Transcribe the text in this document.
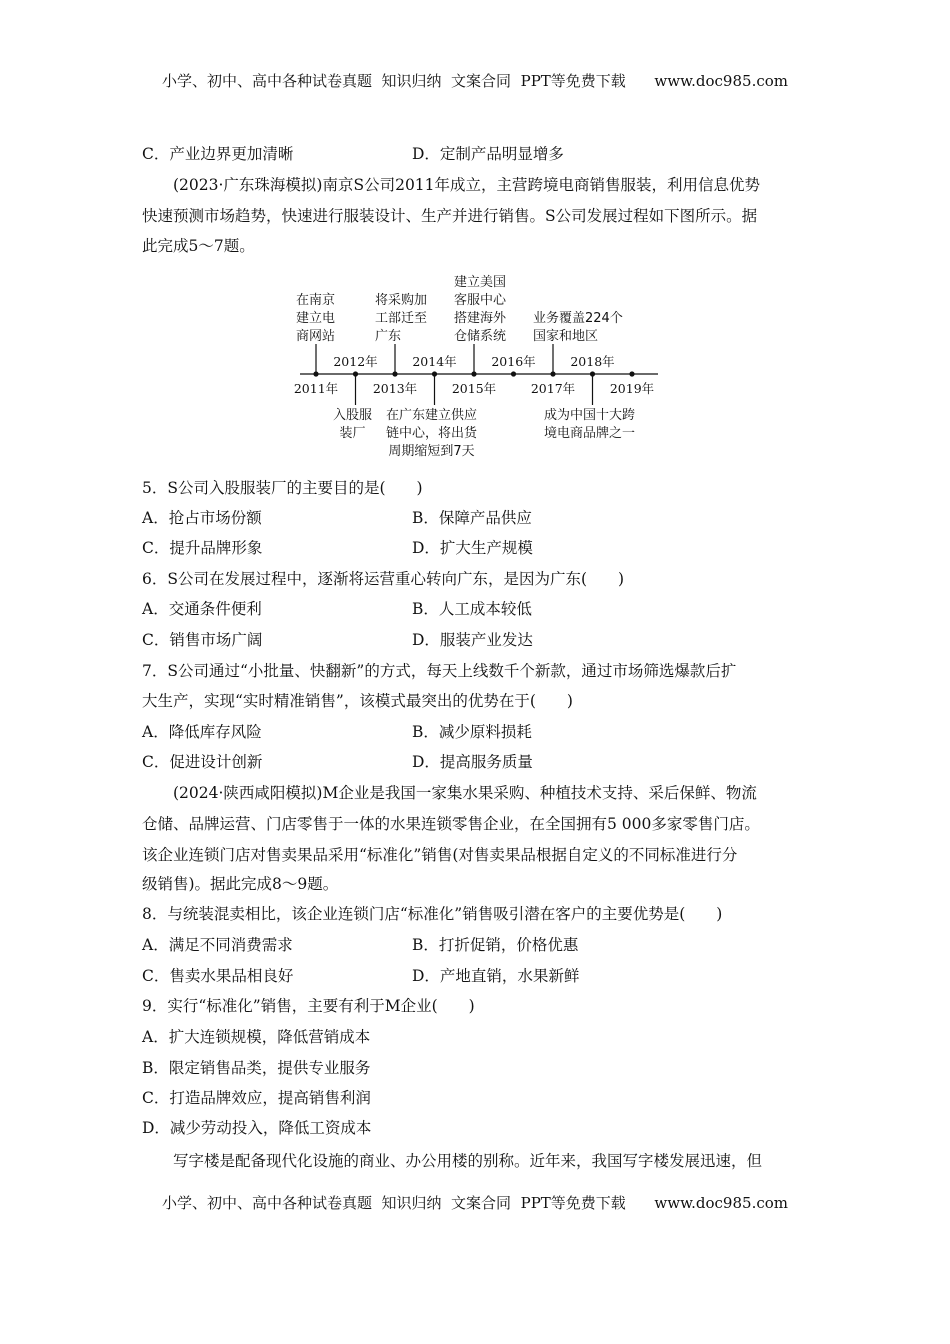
小学、初中、高中各种试卷真题  知识归纳  文案合同  PPT等免费下载      www.doc985.com
C．产业边界更加清晰	D．定制产品明显增多
(2023·广东珠海模拟)南京S公司2011年成立，主营跨境电商销售服装，利用信息优势
快速预测市场趋势，快速进行服装设计、生产并进行销售。S公司发展过程如下图所示。据
此完成5～7题。
2011年
2012年
2013年
2014年
2015年
2016年
2017年
2018年
2019年
在南京
建立电
商网站
将采购加
工部迁至
广东
建立美国
客服中心
搭建海外
仓储系统
业务覆盖224个
国家和地区
入股服
装厂
在广东建立供应
链中心，将出货
周期缩短到7天
成为中国十大跨
境电商品牌之一
5．S公司入股服装厂的主要目的是(　　)
A．抢占市场份额	B．保障产品供应
C．提升品牌形象	D．扩大生产规模
6．S公司在发展过程中，逐渐将运营重心转向广东，是因为广东(　　)
A．交通条件便利	B．人工成本较低
C．销售市场广阔	D．服装产业发达
7．S公司通过“小批量、快翻新”的方式，每天上线数千个新款，通过市场筛选爆款后扩
大生产，实现“实时精准销售”，该模式最突出的优势在于(　　)
A．降低库存风险	B．减少原料损耗
C．促进设计创新	D．提高服务质量
(2024·陕西咸阳模拟)M企业是我国一家集水果采购、种植技术支持、采后保鲜、物流
仓储、品牌运营、门店零售于一体的水果连锁零售企业，在全国拥有5 000多家零售门店。
该企业连锁门店对售卖果品采用“标准化”销售(对售卖果品根据自定义的不同标准进行分
级销售)。据此完成8～9题。
8．与统装混卖相比，该企业连锁门店“标准化”销售吸引潜在客户的主要优势是(　　)
A．满足不同消费需求	B．打折促销，价格优惠
C．售卖水果品相良好	D．产地直销，水果新鲜
9．实行“标准化”销售，主要有利于M企业(　　)
A．扩大连锁规模，降低营销成本
B．限定销售品类，提供专业服务
C．打造品牌效应，提高销售利润
D．减少劳动投入，降低工资成本
写字楼是配备现代化设施的商业、办公用楼的别称。近年来，我国写字楼发展迅速，但
小学、初中、高中各种试卷真题  知识归纳  文案合同  PPT等免费下载      www.doc985.com
